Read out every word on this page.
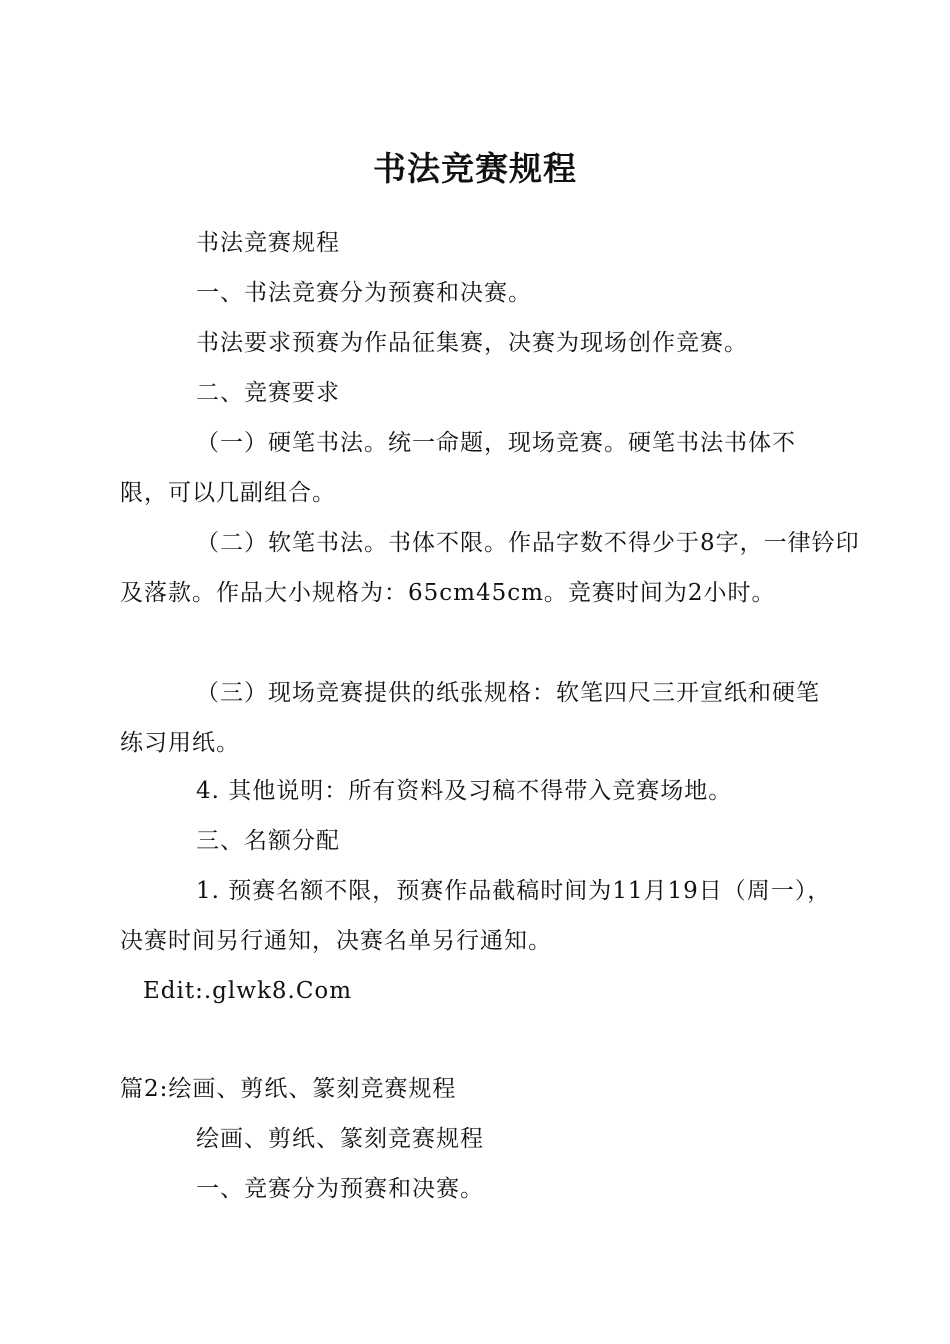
书法竞赛规程
书法竞赛规程
一、书法竞赛分为预赛和决赛。
书法要求预赛为作品征集赛，决赛为现场创作竞赛。
二、竞赛要求
（一）硬笔书法。统一命题，现场竞赛。硬笔书法书体不限，可以几副组合。
（二）软笔书法。书体不限。作品字数不得少于8字，一律钤印及落款。作品大小规格为：65cm45cm。竞赛时间为2小时。
（三）现场竞赛提供的纸张规格：软笔四尺三开宣纸和硬笔练习用纸。
4. 其他说明：所有资料及习稿不得带入竞赛场地。
三、名额分配
1. 预赛名额不限，预赛作品截稿时间为11月19日（周一），决赛时间另行通知，决赛名单另行通知。
Edit:.glwk8.Com
篇2:绘画、剪纸、篆刻竞赛规程
绘画、剪纸、篆刻竞赛规程
一、竞赛分为预赛和决赛。
